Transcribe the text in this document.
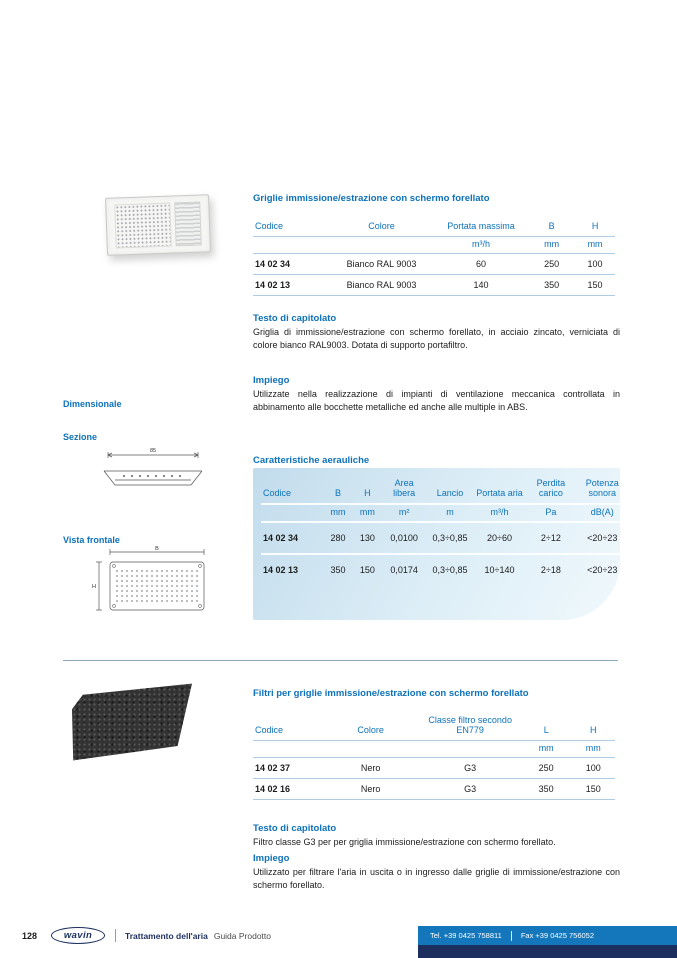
Griglie immissione/estrazione con schermo forellato
Codice	Colore	Portata massima	B	H
		m³/h	mm	mm
14 02 34	Bianco RAL 9003	60	250	100
14 02 13	Bianco RAL 9003	140	350	150
Testo di capitolato
Griglia di immissione/estrazione con schermo forellato, in acciaio zincato, verniciata di colore bianco RAL9003. Dotata di supporto portafiltro.
Impiego
Utilizzate nella realizzazione di impianti di ventilazione meccanica controllata in abbinamento alle bocchette metalliche ed anche alle multiple in ABS.
Dimensionale
Sezione
85
Vista frontale
B
H
Caratteristiche aerauliche
Codice	B	H	Area libera	Lancio	Portata aria	Perdita carico	Potenza sonora
	mm	mm	m²	m	m³/h	Pa	dB(A)
14 02 34	280	130	0,0100	0,3÷0,85	20÷60	2÷12	<20÷23
14 02 13	350	150	0,0174	0,3÷0,85	10÷140	2÷18	<20÷23
Filtri per griglie immissione/estrazione con schermo forellato
Codice	Colore	Classe filtro secondo EN779	L	H
			mm	mm
14 02 37	Nero	G3	250	100
14 02 16	Nero	G3	350	150
Testo di capitolato
Filtro classe G3 per per griglia immissione/estrazione con schermo forellato.
Impiego
Utilizzato per filtrare l'aria in uscita o in ingresso dalle griglie di immissione/estrazione con schermo forellato.
128	wavin	Trattamento dell'aria Guida Prodotto	Tel. +39 0425 758811	Fax +39 0425 756052
